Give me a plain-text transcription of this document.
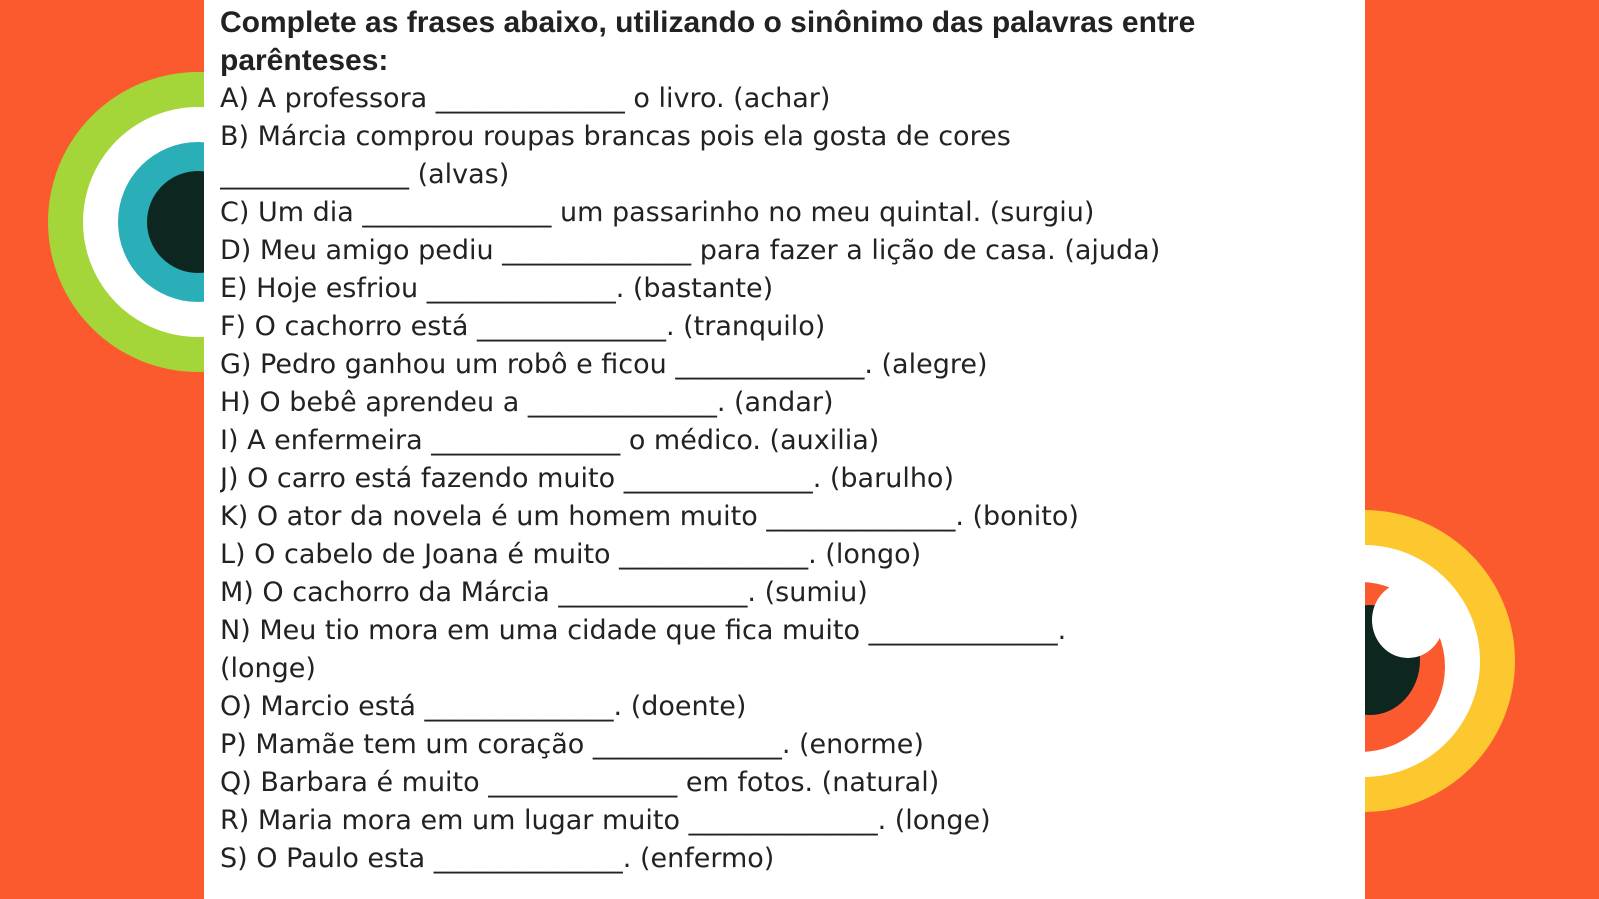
Complete as frases abaixo, utilizando o sinônimo das palavras entre parênteses:
A) A professora ______________ o livro. (achar)
B) Márcia comprou roupas brancas pois ela gosta de cores
______________ (alvas)
C) Um dia ______________ um passarinho no meu quintal. (surgiu)
D) Meu amigo pediu ______________ para fazer a lição de casa. (ajuda)
E) Hoje esfriou ______________. (bastante)
F) O cachorro está ______________. (tranquilo)
G) Pedro ganhou um robô e ficou ______________. (alegre)
H) O bebê aprendeu a ______________. (andar)
I) A enfermeira ______________ o médico. (auxilia)
J) O carro está fazendo muito ______________. (barulho)
K) O ator da novela é um homem muito ______________. (bonito)
L) O cabelo de Joana é muito ______________. (longo)
M) O cachorro da Márcia ______________. (sumiu)
N) Meu tio mora em uma cidade que fica muito ______________.
(longe)
O) Marcio está ______________. (doente)
P) Mamãe tem um coração ______________. (enorme)
Q) Barbara é muito ______________ em fotos. (natural)
R) Maria mora em um lugar muito ______________. (longe)
S) O Paulo esta ______________. (enfermo)
